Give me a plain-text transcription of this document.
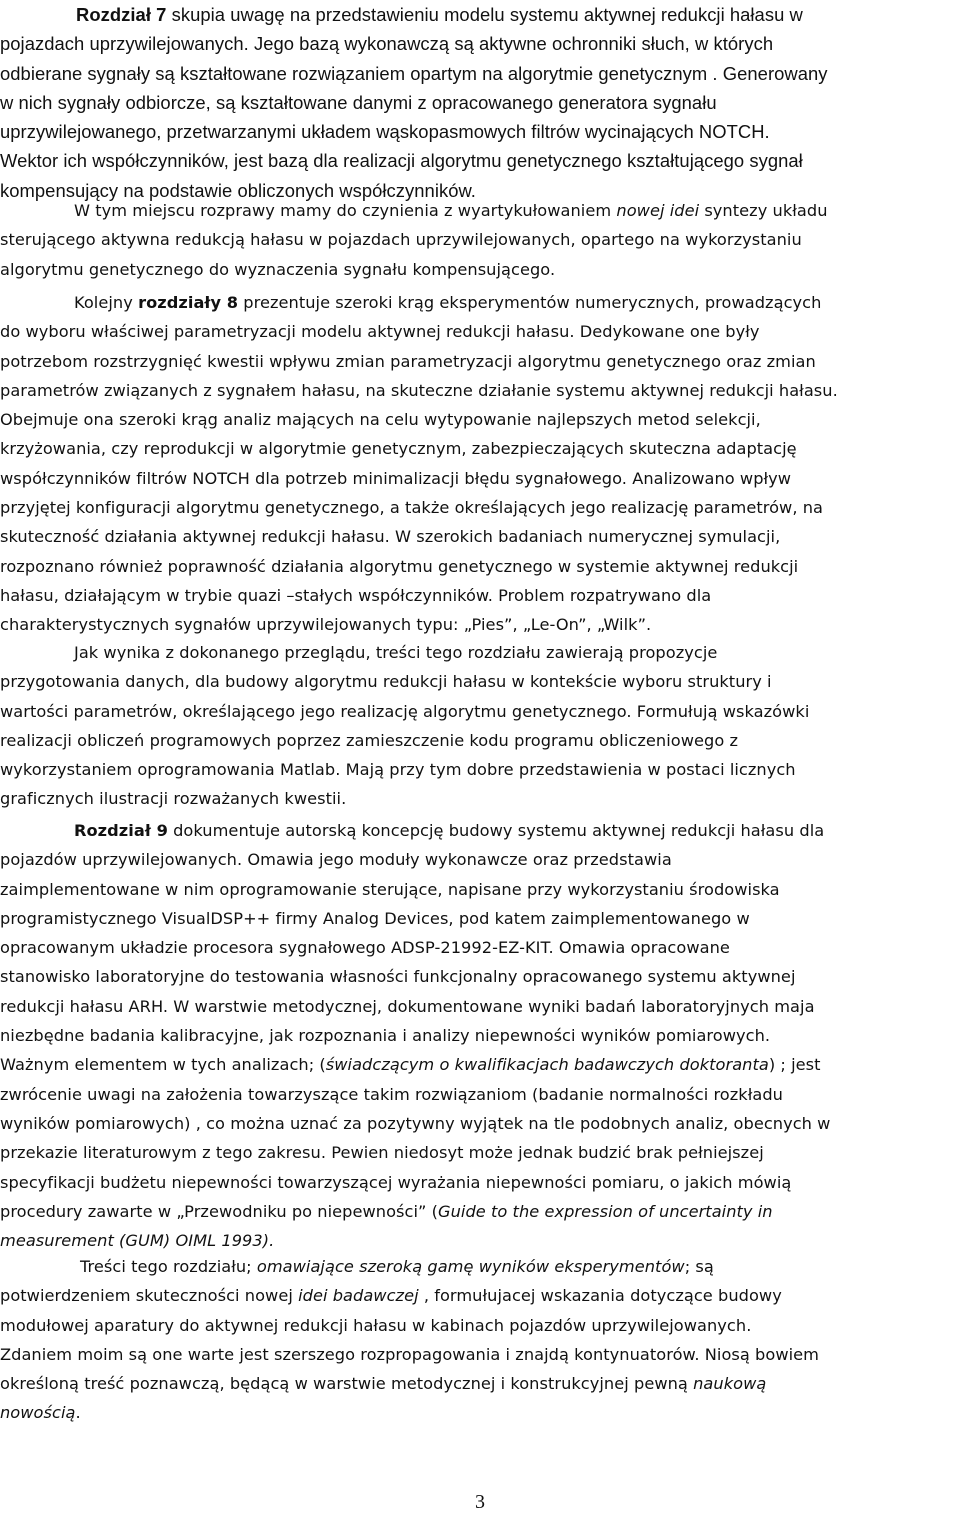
Rozdział 7 skupia uwagę na przedstawieniu modelu systemu aktywnej redukcji hałasu w
pojazdach uprzywilejowanych. Jego bazą wykonawczą są aktywne ochronniki słuch, w których
odbierane sygnały są kształtowane rozwiązaniem opartym na algorytmie genetycznym . Generowany
w nich sygnały odbiorcze, są kształtowane danymi z opracowanego generatora sygnału
uprzywilejowanego, przetwarzanymi układem wąskopasmowych filtrów wycinających NOTCH.
Wektor ich współczynników, jest bazą dla realizacji algorytmu genetycznego kształtującego sygnał
kompensujący na podstawie obliczonych współczynników.
W tym miejscu rozprawy mamy do czynienia z wyartykułowaniem nowej idei syntezy układu
sterującego aktywna redukcją hałasu w pojazdach uprzywilejowanych, opartego na wykorzystaniu
algorytmu genetycznego do wyznaczenia sygnału kompensującego.
Kolejny rozdziały 8 prezentuje szeroki krąg eksperymentów numerycznych, prowadzących
do wyboru właściwej parametryzacji modelu aktywnej redukcji hałasu. Dedykowane one były
potrzebom rozstrzygnięć kwestii wpływu zmian parametryzacji algorytmu genetycznego oraz zmian
parametrów związanych z sygnałem hałasu, na skuteczne działanie systemu aktywnej redukcji hałasu.
Obejmuje ona szeroki krąg analiz mających na celu wytypowanie najlepszych metod selekcji,
krzyżowania, czy reprodukcji w algorytmie genetycznym, zabezpieczających skuteczna adaptację
współczynników filtrów NOTCH dla potrzeb minimalizacji błędu sygnałowego. Analizowano wpływ
przyjętej konfiguracji algorytmu genetycznego, a także określających jego realizację parametrów, na
skuteczność działania aktywnej redukcji hałasu. W szerokich badaniach numerycznej symulacji,
rozpoznano również poprawność działania algorytmu genetycznego w systemie aktywnej redukcji
hałasu, działającym w trybie quazi –stałych współczynników. Problem rozpatrywano dla
charakterystycznych sygnałów uprzywilejowanych typu: „Pies”, „Le-On”, „Wilk”.
Jak wynika z dokonanego przeglądu, treści tego rozdziału zawierają propozycje
przygotowania danych, dla budowy algorytmu redukcji hałasu w kontekście wyboru struktury i
wartości parametrów, określającego jego realizację algorytmu genetycznego. Formułują wskazówki
realizacji obliczeń programowych poprzez zamieszczenie kodu programu obliczeniowego z
wykorzystaniem oprogramowania Matlab. Mają przy tym dobre przedstawienia w postaci licznych
graficznych ilustracji rozważanych kwestii.
Rozdział 9 dokumentuje autorską koncepcję budowy systemu aktywnej redukcji hałasu dla
pojazdów uprzywilejowanych. Omawia jego moduły wykonawcze oraz przedstawia
zaimplementowane w nim oprogramowanie sterujące, napisane przy wykorzystaniu środowiska
programistycznego VisualDSP++ firmy Analog Devices, pod katem zaimplementowanego w
opracowanym układzie procesora sygnałowego ADSP-21992-EZ-KIT. Omawia opracowane
stanowisko laboratoryjne do testowania własności funkcjonalny opracowanego systemu aktywnej
redukcji hałasu ARH. W warstwie metodycznej, dokumentowane wyniki badań laboratoryjnych maja
niezbędne badania kalibracyjne, jak rozpoznania i analizy niepewności wyników pomiarowych.
Ważnym elementem w tych analizach; (świadczącym o kwalifikacjach badawczych doktoranta) ; jest
zwrócenie uwagi na założenia towarzyszące takim rozwiązaniom (badanie normalności rozkładu
wyników pomiarowych) , co można uznać za pozytywny wyjątek na tle podobnych analiz, obecnych w
przekazie literaturowym z tego zakresu. Pewien niedosyt może jednak budzić brak pełniejszej
specyfikacji budżetu niepewności towarzyszącej wyrażania niepewności pomiaru, o jakich mówią
procedury zawarte w „Przewodniku po niepewności” (Guide to the expression of uncertainty in
measurement (GUM) OIML 1993).
Treści tego rozdziału; omawiające szeroką gamę wyników eksperymentów; są
potwierdzeniem skuteczności nowej idei badawczej , formułujacej wskazania dotyczące budowy
modułowej aparatury do aktywnej redukcji hałasu w kabinach pojazdów uprzywilejowanych.
Zdaniem moim są one warte jest szerszego rozpropagowania i znajdą kontynuatorów. Niosą bowiem
określoną treść poznawczą, będącą w warstwie metodycznej i konstrukcyjnej pewną naukową
nowością.
3
